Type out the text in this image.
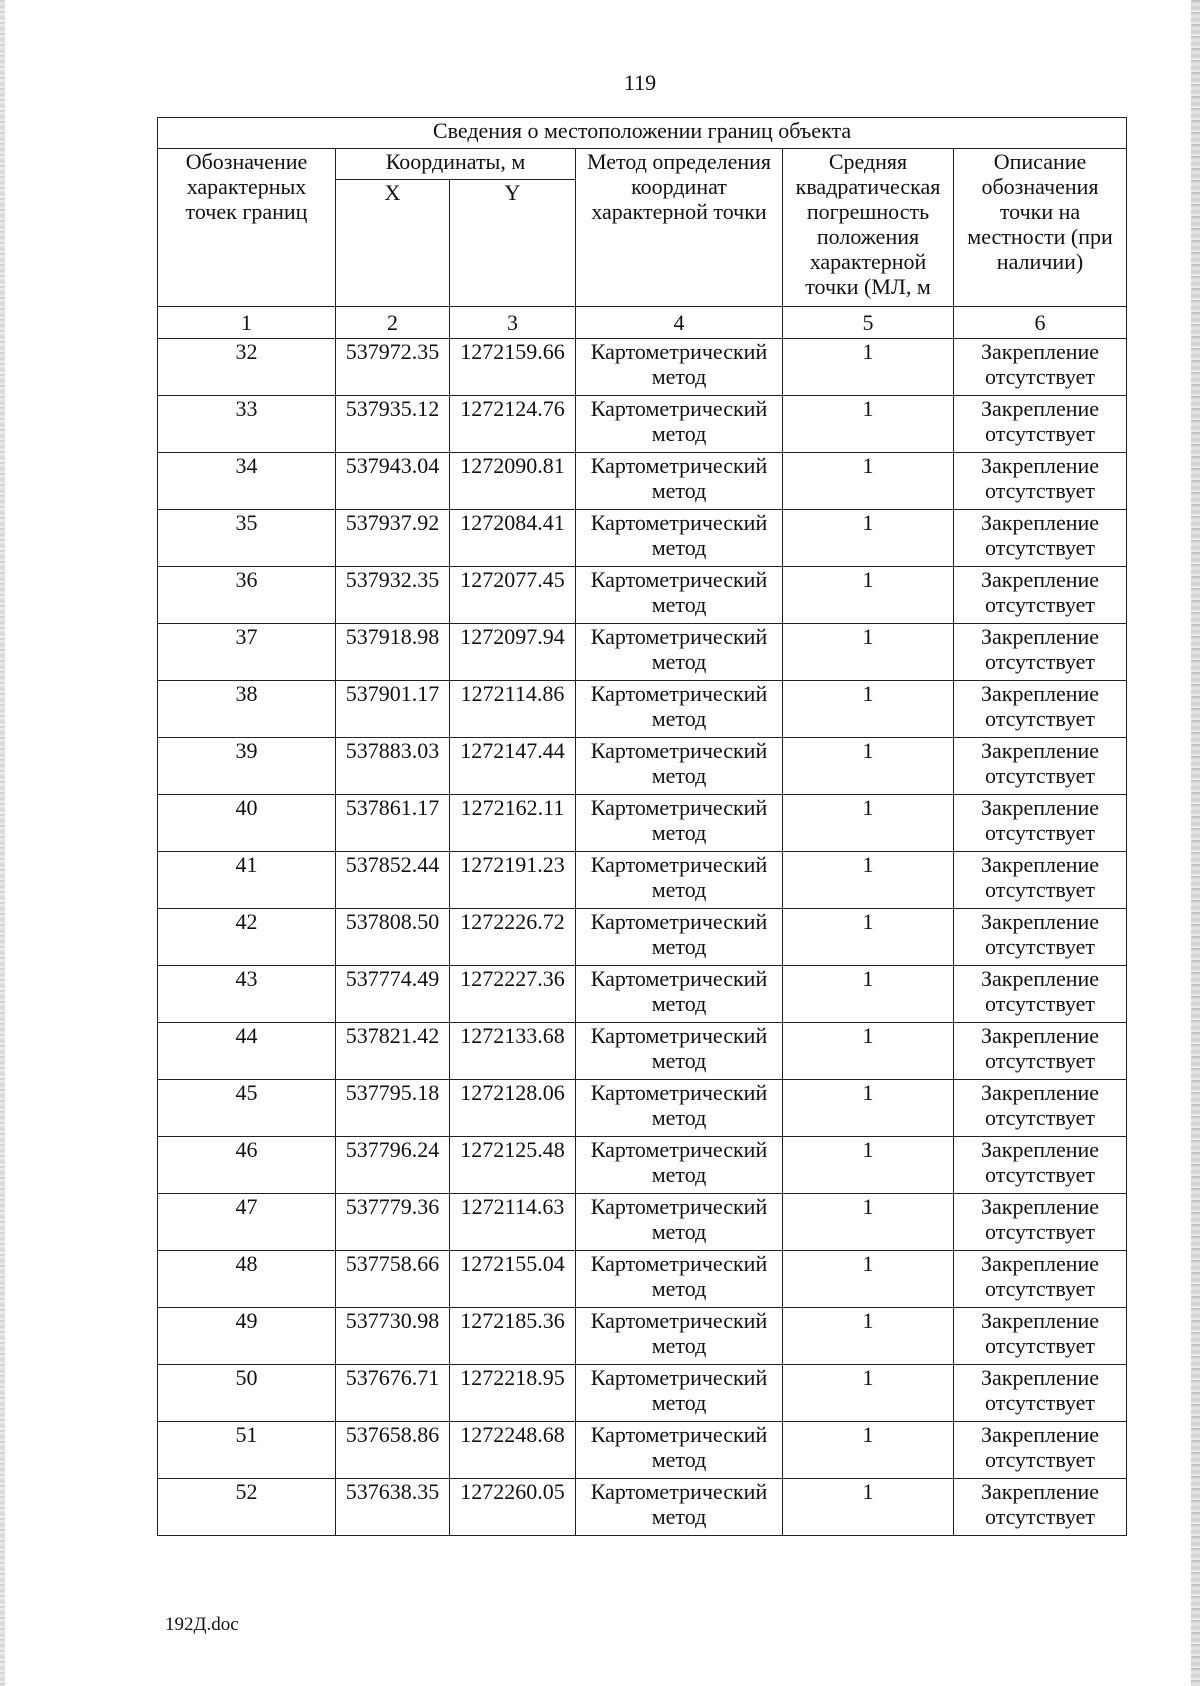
119
Сведения о местоположении границ объекта					
Обозначение характерных точек границ	Координаты, м		Метод определения координат характерной точки	Средняя квадратическая погрешность положения характерной точки (МЛ, м	Описание обозначения точки на местности (при наличии)
	X	Y			
1	2	3	4	5	6
32	537972.35	1272159.66	Картометрический метод	1	Закрепление отсутствует
33	537935.12	1272124.76	Картометрический метод	1	Закрепление отсутствует
34	537943.04	1272090.81	Картометрический метод	1	Закрепление отсутствует
35	537937.92	1272084.41	Картометрический метод	1	Закрепление отсутствует
36	537932.35	1272077.45	Картометрический метод	1	Закрепление отсутствует
37	537918.98	1272097.94	Картометрический метод	1	Закрепление отсутствует
38	537901.17	1272114.86	Картометрический метод	1	Закрепление отсутствует
39	537883.03	1272147.44	Картометрический метод	1	Закрепление отсутствует
40	537861.17	1272162.11	Картометрический метод	1	Закрепление отсутствует
41	537852.44	1272191.23	Картометрический метод	1	Закрепление отсутствует
42	537808.50	1272226.72	Картометрический метод	1	Закрепление отсутствует
43	537774.49	1272227.36	Картометрический метод	1	Закрепление отсутствует
44	537821.42	1272133.68	Картометрический метод	1	Закрепление отсутствует
45	537795.18	1272128.06	Картометрический метод	1	Закрепление отсутствует
46	537796.24	1272125.48	Картометрический метод	1	Закрепление отсутствует
47	537779.36	1272114.63	Картометрический метод	1	Закрепление отсутствует
48	537758.66	1272155.04	Картометрический метод	1	Закрепление отсутствует
49	537730.98	1272185.36	Картометрический метод	1	Закрепление отсутствует
50	537676.71	1272218.95	Картометрический метод	1	Закрепление отсутствует
51	537658.86	1272248.68	Картометрический метод	1	Закрепление отсутствует
52	537638.35	1272260.05	Картометрический метод	1	Закрепление отсутствует
192Д.doc
